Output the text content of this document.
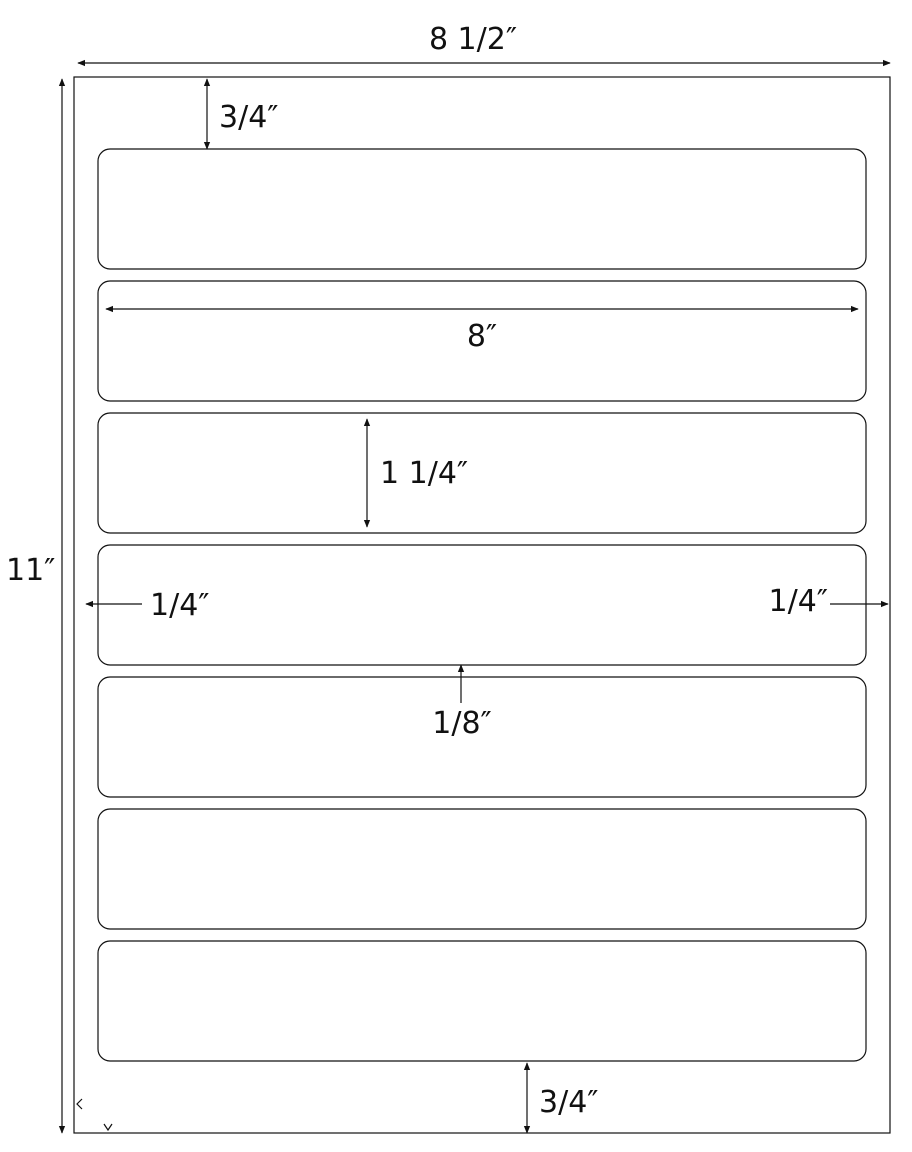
8 1/2″
11″
3/4″
8″
1 1/4″
1/4″	1/4″
1/8″
3/4″
